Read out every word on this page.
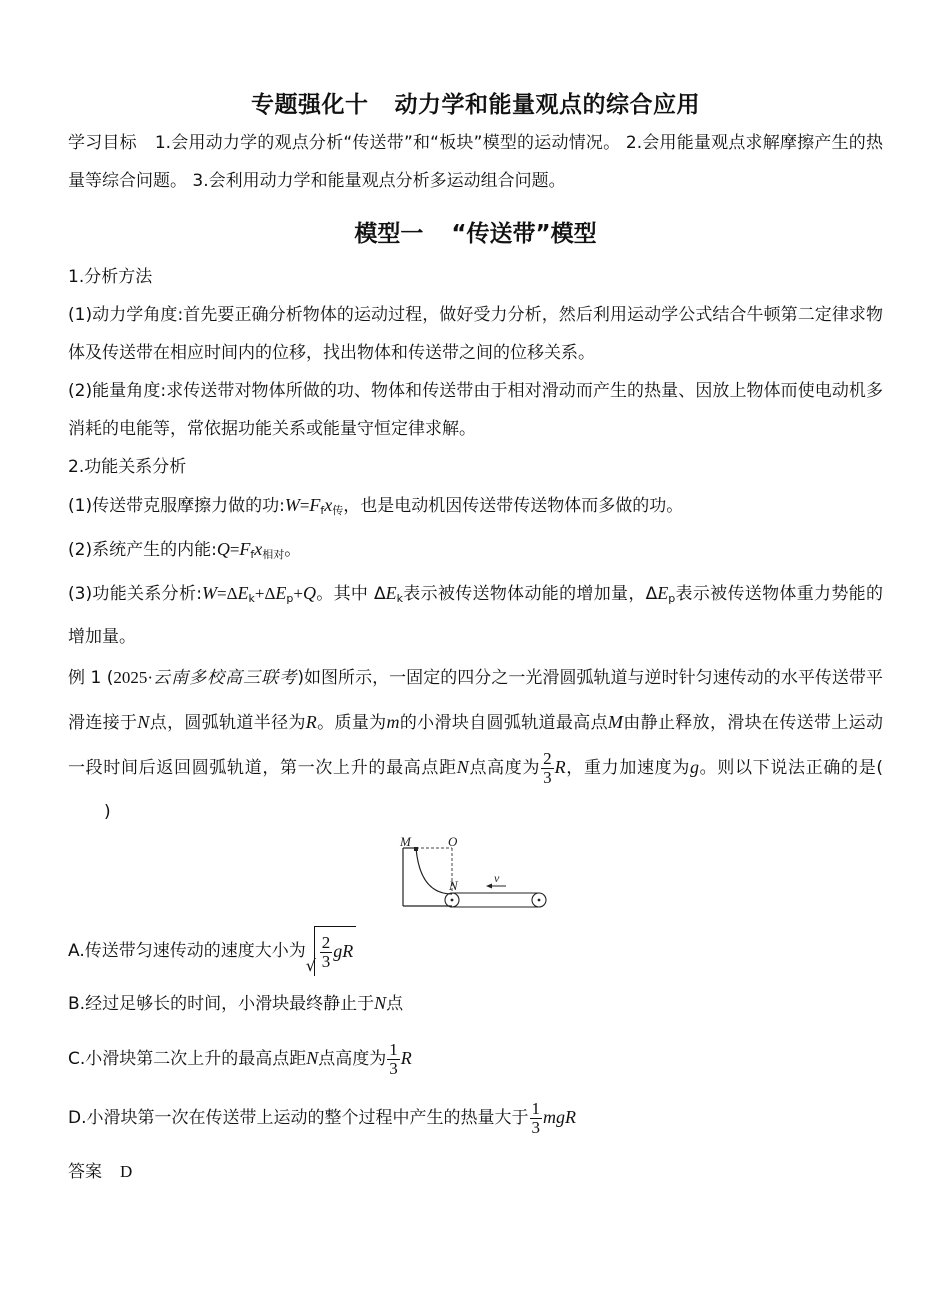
专题强化十 动力学和能量观点的综合应用

学习目标 1.会用动力学的观点分析“传送带”和“板块”模型的运动情况。 2.会用能量观点求解摩擦产生的热量等综合问题。 3.会利用动力学和能量观点分析多运动组合问题。

模型一 “传送带”模型

1.分析方法

(1)动力学角度:首先要正确分析物体的运动过程，做好受力分析，然后利用运动学公式结合牛顿第二定律求物体及传送带在相应时间内的位移，找出物体和传送带之间的位移关系。

(2)能量角度:求传送带对物体所做的功、物体和传送带由于相对滑动而产生的热量、因放上物体而使电动机多消耗的电能等，常依据功能关系或能量守恒定律求解。

2.功能关系分析

(1)传送带克服摩擦力做的功$:W=F_fx_传$，也是电动机因传送带传送物体而多做的功。

(2)系统产生的内能$:Q=F_fx_{相对}$。

(3)功能关系分析$:W=\Delta E_k+\Delta E_p+Q$。其中 $\Delta E_k$表示被传送物体动能的增加量，$\Delta E_p$表示被传送物体重力势能的增加量。

例 1 (2025·云南多校高三联考)如图所示，一固定的四分之一光滑圆弧轨道与逆时针匀速传动的水平传送带平滑连接于N点，圆弧轨道半径为R。质量为m的小滑块自圆弧轨道最高点M由静止释放，滑块在传送带上运动一段时间后返回圆弧轨道，第一次上升的最高点距N点高度为 $\frac{2}{3}$ R，重力加速度为g。则以下说法正确的是()

M	O
N	v

A.传送带匀速传动的速度大小为
√ $\frac{2}{3}$ gR

B.经过足够长的时间，小滑块最终静止于N点

C.小滑块第二次上升的最高点距N点高度为 $\frac{1}{3}$ R

D.小滑块第一次在传送带上运动的整个过程中产生的热量大于 $\frac{1}{3}$ mgR

答案 D
